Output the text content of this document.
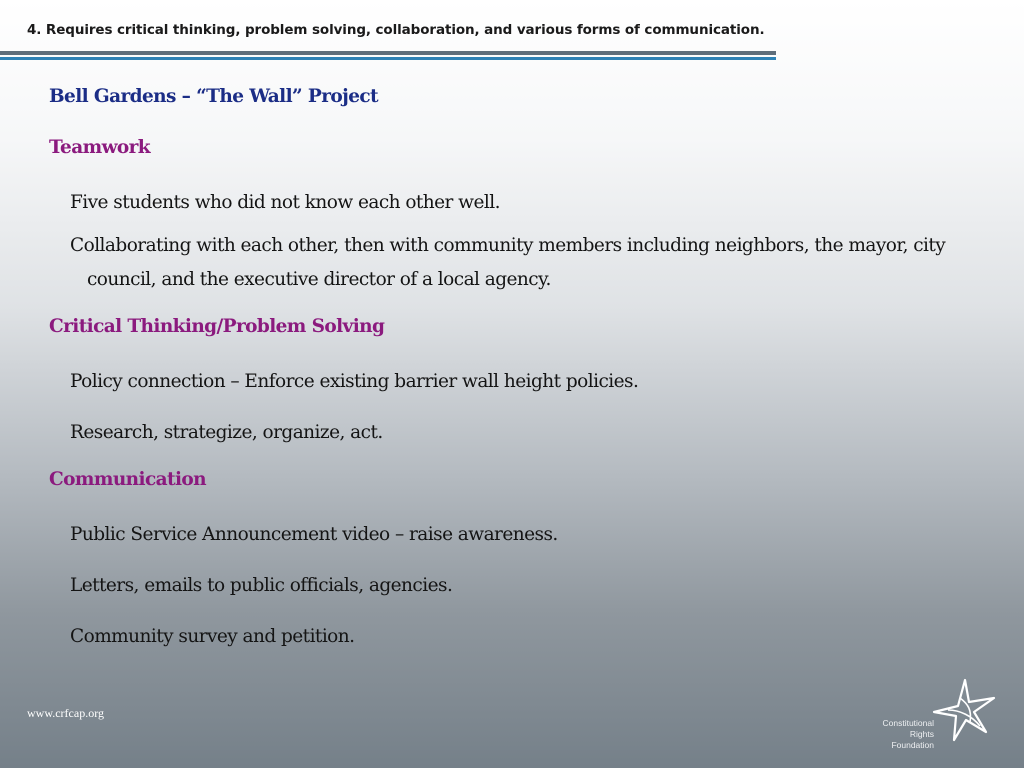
4. Requires critical thinking, problem solving, collaboration, and various forms of communication.

Bell Gardens – “The Wall” Project

Teamwork

Five students who did not know each other well.

Collaborating with each other, then with community members including neighbors, the mayor, city council, and the executive director of a local agency.

Critical Thinking/Problem Solving

Policy connection – Enforce existing barrier wall height policies.

Research, strategize, organize, act.

Communication

Public Service Announcement video – raise awareness.

Letters, emails to public officials, agencies.

Community survey and petition.

www.crfcap.org
Constitutional
Rights
Foundation
